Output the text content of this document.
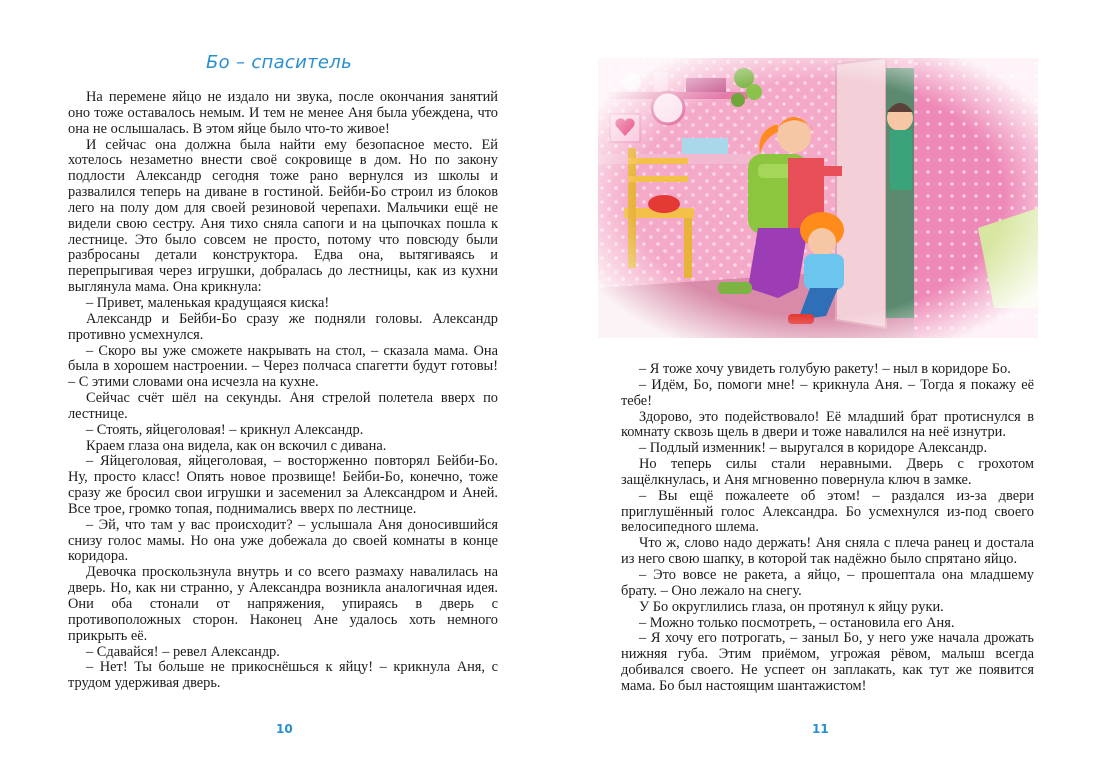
Бо – спаситель

На перемене яйцо не издало ни звука, после окончания занятий оно тоже оставалось немым. И тем не менее Аня была убеждена, что она не ослышалась. В этом яйце было что-то живое!

И сейчас она должна была найти ему безопасное место. Ей хотелось незаметно внести своё сокровище в дом. Но по закону подлости Александр сегодня тоже рано вернулся из школы и развалился теперь на диване в гостиной. Бейби-Бо строил из блоков лего на полу дом для своей резиновой черепахи. Мальчики ещё не видели свою сестру. Аня тихо сняла сапоги и на цыпочках пошла к лестнице. Это было совсем не просто, потому что повсюду были разбросаны детали конструктора. Едва она, вытягиваясь и перепрыгивая через игрушки, добралась до лестницы, как из кухни выглянула мама. Она крикнула:

– Привет, маленькая крадущаяся киска!

Александр и Бейби-Бо сразу же подняли головы. Александр противно усмехнулся.

– Скоро вы уже сможете накрывать на стол, – сказала мама. Она была в хорошем настроении. – Через полчаса спагетти будут готовы! – С этими словами она исчезла на кухне.

Сейчас счёт шёл на секунды. Аня стрелой полетела вверх по лестнице.

– Стоять, яйцеголовая! – крикнул Александр.

Краем глаза она видела, как он вскочил с дивана.

– Яйцеголовая, яйцеголовая, – восторженно повторял Бейби-Бо. Ну, просто класс! Опять новое прозвище! Бейби-Бо, конечно, тоже сразу же бросил свои игрушки и засеменил за Александром и Аней. Все трое, громко топая, поднимались вверх по лестнице.

– Эй, что там у вас происходит? – услышала Аня доносившийся снизу голос мамы. Но она уже добежала до своей комнаты в конце коридора.

Девочка проскользнула внутрь и со всего размаху навалилась на дверь. Но, как ни странно, у Александра возникла аналогичная идея. Они оба стонали от напряжения, упираясь в дверь с противоположных сторон. Наконец Ане удалось хоть немного прикрыть её.

– Сдавайся! – ревел Александр.

– Нет! Ты больше не прикоснёшься к яйцу! – крикнула Аня, с трудом удерживая дверь.

10

– Я тоже хочу увидеть голубую ракету! – ныл в коридоре Бо.

– Идём, Бо, помоги мне! – крикнула Аня. – Тогда я покажу её тебе!

Здорово, это подействовало! Её младший брат протиснулся в комнату сквозь щель в двери и тоже навалился на неё изнутри.

– Подлый изменник! – выругался в коридоре Александр.

Но теперь силы стали неравными. Дверь с грохотом защёлкнулась, и Аня мгновенно повернула ключ в замке.

– Вы ещё пожалеете об этом! – раздался из-за двери приглушённый голос Александра. Бо усмехнулся из-под своего велосипедного шлема.

Что ж, слово надо держать! Аня сняла с плеча ранец и достала из него свою шапку, в которой так надёжно было спрятано яйцо.

– Это вовсе не ракета, а яйцо, – прошептала она младшему брату. – Оно лежало на снегу.

У Бо округлились глаза, он протянул к яйцу руки.

– Можно только посмотреть, – остановила его Аня.

– Я хочу его потрогать, – заныл Бо, у него уже начала дрожать нижняя губа. Этим приёмом, угрожая рёвом, малыш всегда добивался своего. Не успеет он заплакать, как тут же появится мама. Бо был настоящим шантажистом!

11
